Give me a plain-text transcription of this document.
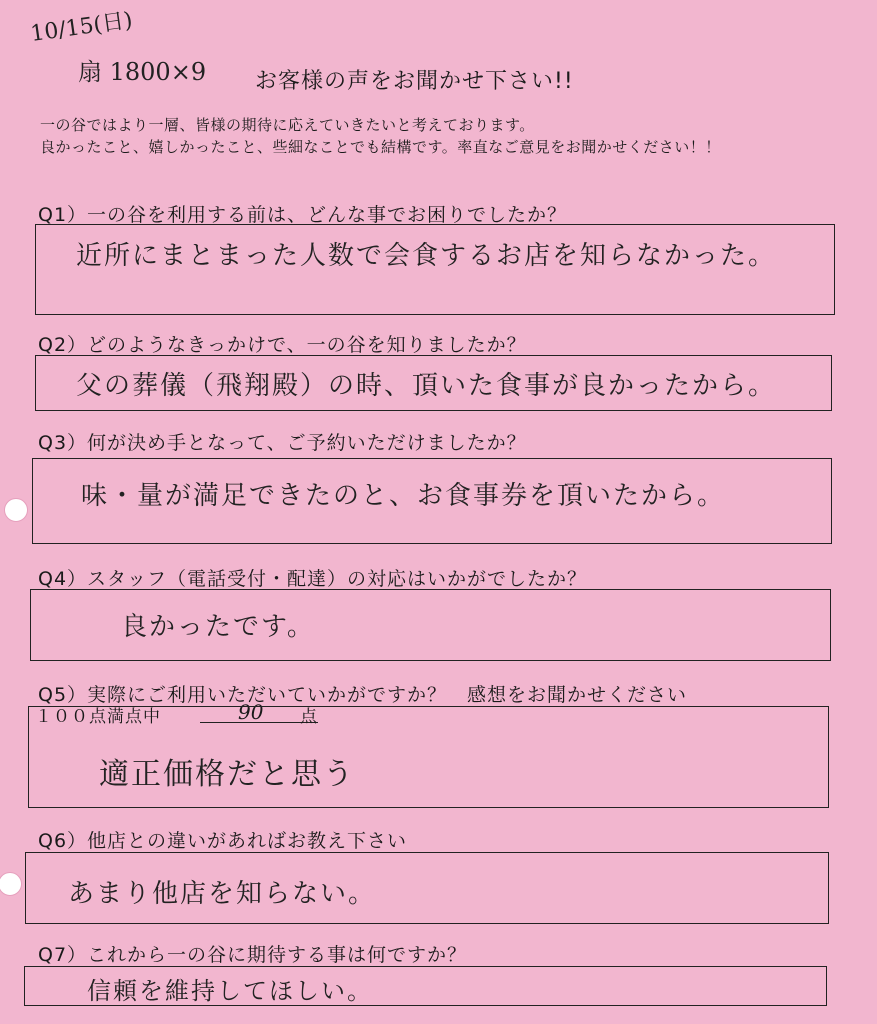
10/15(日)
扇 1800×9 お客様の声をお聞かせ下さい!!
一の谷ではより一層、皆様の期待に応えていきたいと考えております。
良かったこと、嬉しかったこと、些細なことでも結構です。率直なご意見をお聞かせください！！
Q1）一の谷を利用する前は、どんな事でお困りでしたか？
近所にまとまった人数で会食するお店を知らなかった。
Q2）どのようなきっかけで、一の谷を知りましたか？
父の葬儀（飛翔殿）の時、頂いた食事が良かったから。
Q3）何が決め手となって、ご予約いただけましたか？
味・量が満足できたのと、お食事券を頂いたから。
Q4）スタッフ（電話受付・配達）の対応はいかがでしたか？
良かったです。
Q5）実際にご利用いただいていかがですか？　感想をお聞かせください
１００点満点中	90 点
適正価格だと思う
Q6）他店との違いがあればお教え下さい
あまり他店を知らない。
Q7）これから一の谷に期待する事は何ですか？
信頼を維持してほしい。
